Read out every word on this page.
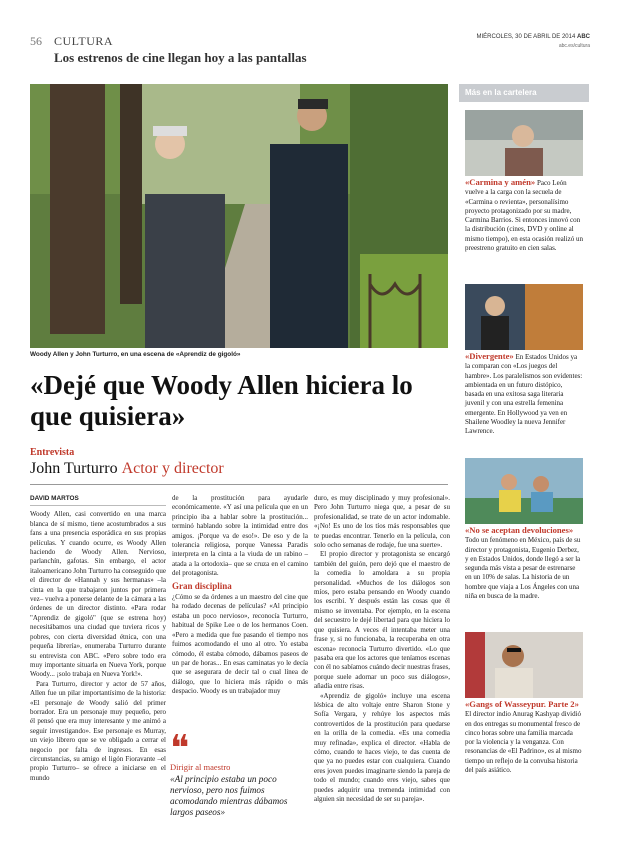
56 CULTURA	MIÉRCOLES, 30 DE ABRIL DE 2014 ABC
abc.es/cultura
Los estrenos de cine llegan hoy a las pantallas
Woody Allen y John Turturro, en una escena de «Aprendiz de gigoló»
«Dejé que Woody Allen hiciera lo que quisiera»
Entrevista
John Turturro Actor y director
DAVID MARTOS

Woody Allen, casi convertido en una marca blanca de sí mismo, tiene acostumbrados a sus fans a una presencia esporádica en sus propias películas. Y cuando ocurre, es Woody Allen haciendo de Woody Allen. Nervioso, parlanchín, gafotas. Sin embargo, el actor italoamericano John Turturro ha conseguido que el director de «Hannah y sus hermanas» –la cinta en la que trabajaron juntos por primera vez– vuelva a ponerse delante de la cámara a las órdenes de un director distinto. «Para rodar "Aprendiz de gigoló" (que se estrena hoy) necesitábamos una ciudad que tuviera ricos y pobres, con cierta diversidad étnica, con una pequeña librería», enumeraba Turturro durante su entrevista con ABC. «Pero sobre todo era muy importante situarla en Nueva York, porque Woody... ¡solo trabaja en Nueva York!».

Para Turturro, director y actor de 57 años, Allen fue un pilar importantísimo de la historia: «El personaje de Woody salió del primer borrador. Era un personaje muy pequeño, pero él pensó que era muy interesante y me animó a seguir investigando». Ese personaje es Murray, un viejo librero que se ve obligado a cerrar el negocio por falta de ingresos. En esas circunstancias, su amigo el ligón Fioravante –el propio Turturro– se ofrece a iniciarse en el mundo

de la prostitución para ayudarle económicamente. «Y así una película que en un principio iba a hablar sobre la prostitución... terminó hablando sobre la intimidad entre dos amigos. ¡Porque va de eso!». De eso y de la tolerancia religiosa, porque Vanessa Paradis interpreta en la cinta a la viuda de un rabino –atada a la ortodoxia– que se cruza en el camino del protagonista.

Gran disciplina

¿Cómo se da órdenes a un maestro del cine que ha rodado decenas de películas? «Al principio estaba un poco nervioso», reconocía Turturro, habitual de Spike Lee o de los hermanos Coen. «Pero a medida que fue pasando el tiempo nos fuimos acomodando el uno al otro. Yo estaba cómodo, él estaba cómodo, dábamos paseos de un par de horas... En esas caminatas yo le decía que se asegurara de decir tal o cual línea de diálogo, que lo hiciera más rápido o más despacio. Woody es un trabajador muy

❝
Dirigir al maestro
«Al principio estaba un poco nervioso, pero nos fuimos acomodando mientras dábamos largos paseos»

duro, es muy disciplinado y muy profesional». Pero John Turturro niega que, a pesar de su profesionalidad, se trate de un actor indomable. «¡No! Es uno de los tíos más responsables que te puedas encontrar. Tenerlo en la película, con solo ocho semanas de rodaje, fue una suerte».

El propio director y protagonista se encargó también del guión, pero dejó que el maestro de la comedia lo amoldara a su propia personalidad. «Muchos de los diálogos son míos, pero estaba pensando en Woody cuando los escribí. Y después están las cosas que él mismo se inventaba. Por ejemplo, en la escena del secuestro le dejé libertad para que hiciera lo que quisiera. A veces él intentaba meter una frase y, si no funcionaba, la recuperaba en otra escena» reconocía Turturro divertido. «Lo que pasaba era que los actores que teníamos escenas con él no sabíamos cuándo decir nuestras frases, porque suele adornar un poco sus diálogos», añadía entre risas.

«Aprendiz de gigoló» incluye una escena lésbica de alto voltaje entre Sharon Stone y Sofía Vergara, y rehúye los aspectos más controvertidos de la prostitución para quedarse en la orilla de la comedia. «Es una comedia muy refinada», explica el director. «Habla de cómo, cuando te haces viejo, te das cuenta de que ya no puedes estar con cualquiera. Cuando eres joven puedes imaginarte siendo la pareja de todo el mundo; cuando eres viejo, sabes que puedes adquirir una tremenda intimidad con alguien sin necesidad de ser su pareja».

Más en la cartelera
«Carmina y amén» Paco León vuelve a la carga con la secuela de «Carmina o revienta», personalísimo proyecto protagonizado por su madre, Carmina Barrios. Si entonces innovó con la distribución (cines, DVD y online al mismo tiempo), en esta ocasión realizó un preestreno gratuito en cien salas.
«Divergente» En Estados Unidos ya la comparan con «Los juegos del hambre». Los paralelismos son evidentes: ambientada en un futuro distópico, basada en una exitosa saga literaria juvenil y con una estrella femenina emergente. En Hollywood ya ven en Shailene Woodley la nueva Jennifer Lawrence.
«No se aceptan devoluciones» Todo un fenómeno en México, país de su director y protagonista, Eugenio Derbez, y en Estados Unidos, donde llegó a ser la segunda más vista a pesar de estrenarse en un 10% de salas. La historia de un hombre que viaja a Los Ángeles con una niña en busca de la madre.
«Gangs of Wasseypur. Parte 2» El director indio Anurag Kashyap dividió en dos entregas su monumental fresco de cinco horas sobre una familia marcada por la violencia y la venganza. Con resonancias de «El Padrino», es al mismo tiempo un reflejo de la convulsa historia del país asiático.
